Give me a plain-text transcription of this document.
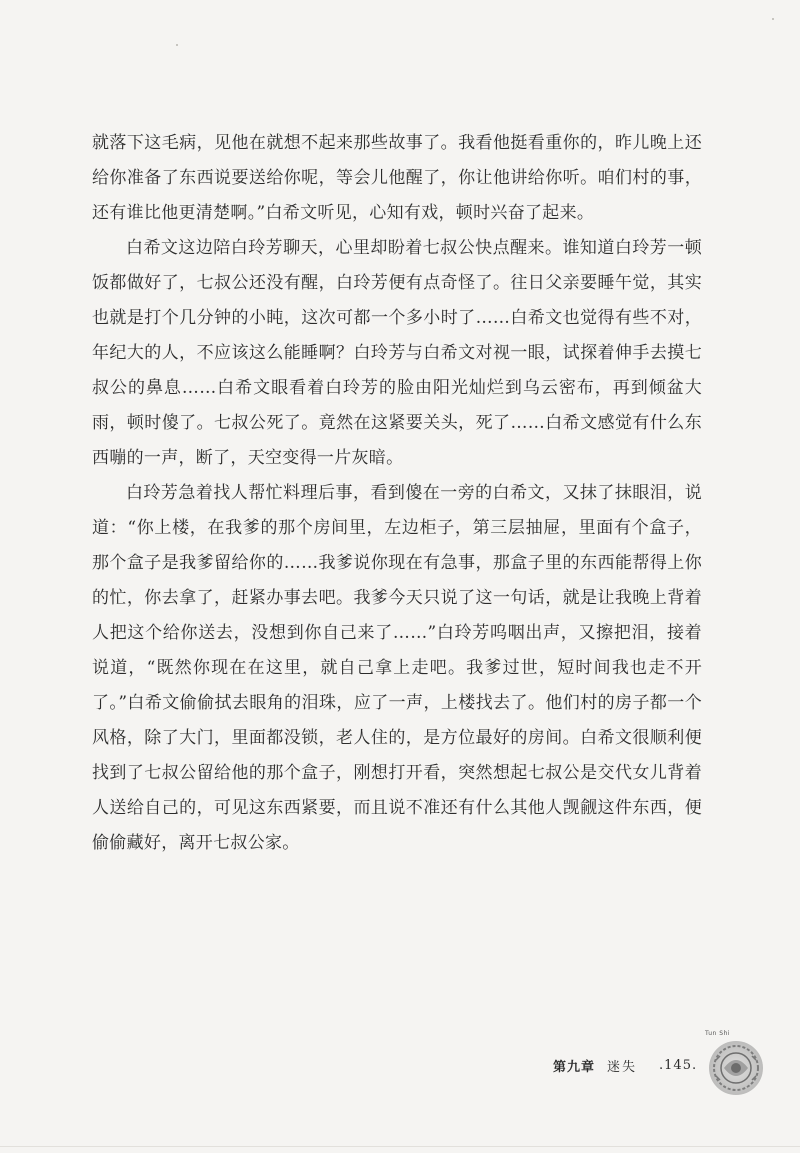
就落下这毛病，见他在就想不起来那些故事了。我看他挺看重你的，昨儿晚上还给你准备了东西说要送给你呢，等会儿他醒了，你让他讲给你听。咱们村的事，还有谁比他更清楚啊。”白希文听见，心知有戏，顿时兴奋了起来。

白希文这边陪白玲芳聊天，心里却盼着七叔公快点醒来。谁知道白玲芳一顿饭都做好了，七叔公还没有醒，白玲芳便有点奇怪了。往日父亲要睡午觉，其实也就是打个几分钟的小盹，这次可都一个多小时了……白希文也觉得有些不对，年纪大的人，不应该这么能睡啊？白玲芳与白希文对视一眼，试探着伸手去摸七叔公的鼻息……白希文眼看着白玲芳的脸由阳光灿烂到乌云密布，再到倾盆大雨，顿时傻了。七叔公死了。竟然在这紧要关头，死了……白希文感觉有什么东西嘣的一声，断了，天空变得一片灰暗。

白玲芳急着找人帮忙料理后事，看到傻在一旁的白希文，又抹了抹眼泪，说道：“你上楼，在我爹的那个房间里，左边柜子，第三层抽屉，里面有个盒子，那个盒子是我爹留给你的……我爹说你现在有急事，那盒子里的东西能帮得上你的忙，你去拿了，赶紧办事去吧。我爹今天只说了这一句话，就是让我晚上背着人把这个给你送去，没想到你自己来了……”白玲芳呜咽出声，又擦把泪，接着说道，“既然你现在在这里，就自己拿上走吧。我爹过世，短时间我也走不开了。”白希文偷偷拭去眼角的泪珠，应了一声，上楼找去了。他们村的房子都一个风格，除了大门，里面都没锁，老人住的，是方位最好的房间。白希文很顺利便找到了七叔公留给他的那个盒子，刚想打开看，突然想起七叔公是交代女儿背着人送给自己的，可见这东西紧要，而且说不准还有什么其他人觊觎这件东西，便偷偷藏好，离开七叔公家。

第九章 迷失 .145.
Tun Shi
